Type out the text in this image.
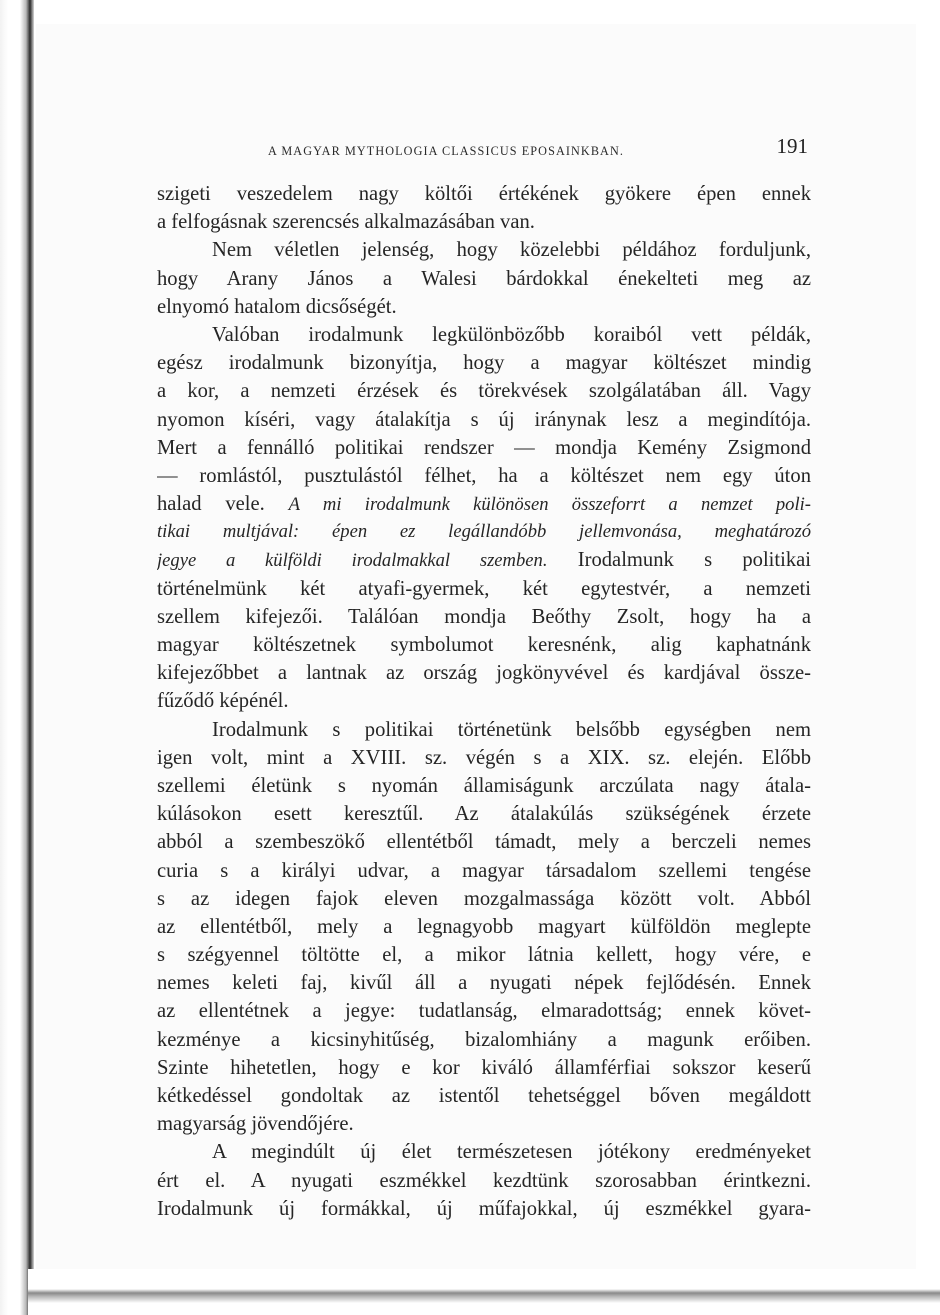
A MAGYAR MYTHOLOGIA CLASSICUS EPOSAINKBAN.	191
szigeti veszedelem nagy költői értékének gyökere épen ennek
a felfogásnak szerencsés alkalmazásában van.
Nem véletlen jelenség, hogy közelebbi példához forduljunk,
hogy Arany János a Walesi bárdokkal énekelteti meg az
elnyomó hatalom dicsőségét.
Valóban irodalmunk legkülönbözőbb koraiból vett példák,
egész irodalmunk bizonyítja, hogy a magyar költészet mindig
a kor, a nemzeti érzések és törekvések szolgálatában áll. Vagy
nyomon kíséri, vagy átalakítja s új iránynak lesz a megindítója.
Mert a fennálló politikai rendszer — mondja Kemény Zsigmond
— romlástól, pusztulástól félhet, ha a költészet nem egy úton
halad vele. A mi irodalmunk különösen összeforrt a nemzet poli-
tikai multjával: épen ez legállandóbb jellemvonása, meghatározó
jegye a külföldi irodalmakkal szemben. Irodalmunk s politikai
történelmünk két atyafi-gyermek, két egytestvér, a nemzeti
szellem kifejezői. Találóan mondja Beőthy Zsolt, hogy ha a
magyar költészetnek symbolumot keresnénk, alig kaphatnánk
kifejezőbbet a lantnak az ország jogkönyvével és kardjával össze-
fűződő képénél.
Irodalmunk s politikai történetünk belsőbb egységben nem
igen volt, mint a XVIII. sz. végén s a XIX. sz. elején. Előbb
szellemi életünk s nyomán államiságunk arczúlata nagy átala-
kúlásokon esett keresztűl. Az átalakúlás szükségének érzete
abból a szembeszökő ellentétből támadt, mely a berczeli nemes
curia s a királyi udvar, a magyar társadalom szellemi tengése
s az idegen fajok eleven mozgalmassága között volt. Abból
az ellentétből, mely a legnagyobb magyart külföldön meglepte
s szégyennel töltötte el, a mikor látnia kellett, hogy vére, e
nemes keleti faj, kivűl áll a nyugati népek fejlődésén. Ennek
az ellentétnek a jegye: tudatlanság, elmaradottság; ennek követ-
kezménye a kicsinyhitűség, bizalomhiány a magunk erőiben.
Szinte hihetetlen, hogy e kor kiváló államférfiai sokszor keserű
kétkedéssel gondoltak az istentől tehetséggel bőven megáldott
magyarság jövendőjére.
A megindúlt új élet természetesen jótékony eredményeket
ért el. A nyugati eszmékkel kezdtünk szorosabban érintkezni.
Irodalmunk új formákkal, új műfajokkal, új eszmékkel gyara-
